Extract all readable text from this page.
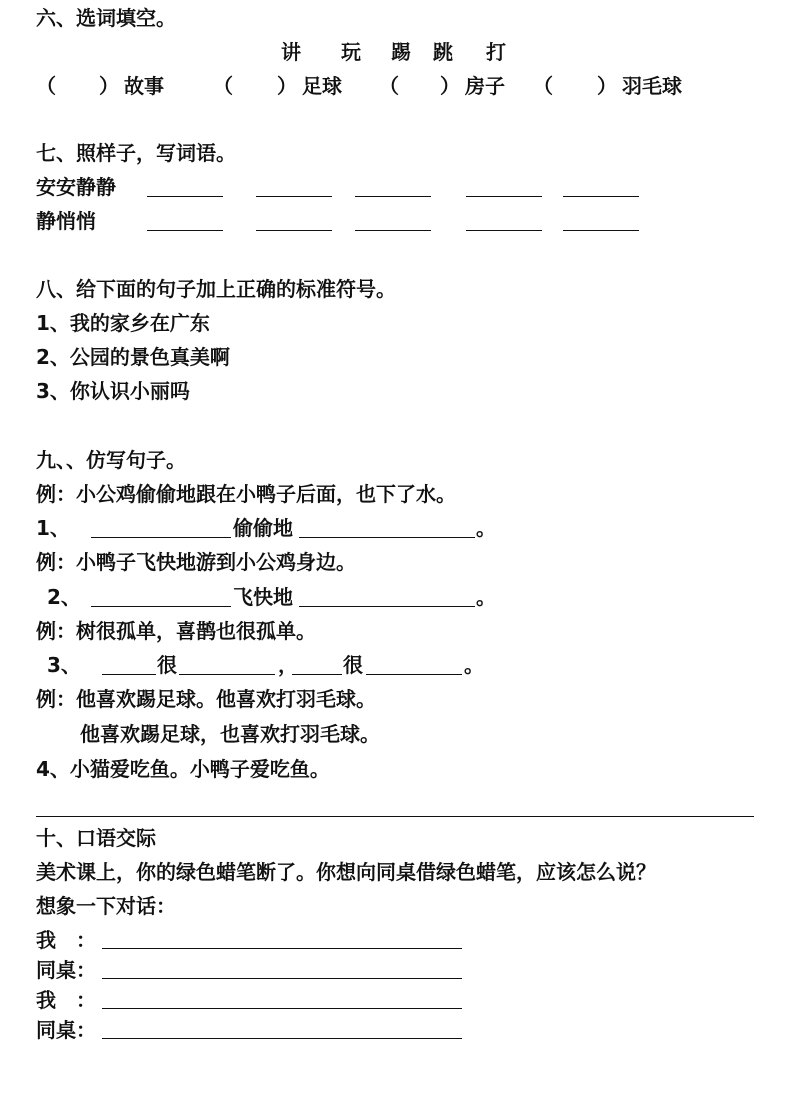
六、选词填空。
讲 玩 踢 跳 打
（ ） 故事 （ ） 足球 （ ） 房子 （ ） 羽毛球
七、照样子，写词语。
安安静静
静悄悄
八、给下面的句子加上正确的标准符号。
1、我的家乡在广东
2、公园的景色真美啊
3、你认识小丽吗
九、、仿写句子。
例：小公鸡偷偷地跟在小鸭子后面，也下了水。
1、	偷偷地	。
例：小鸭子飞快地游到小公鸡身边。
2、	飞快地	。
例：树很孤单，喜鹊也很孤单。
3、	很	， 很	。
例：他喜欢踢足球。他喜欢打羽毛球。
他喜欢踢足球，也喜欢打羽毛球。
4、小猫爱吃鱼。小鸭子爱吃鱼。
十、口语交际
美术课上，你的绿色蜡笔断了。你想向同桌借绿色蜡笔，应该怎么说？
想象一下对话：
我　：
同桌：
我　：
同桌：
